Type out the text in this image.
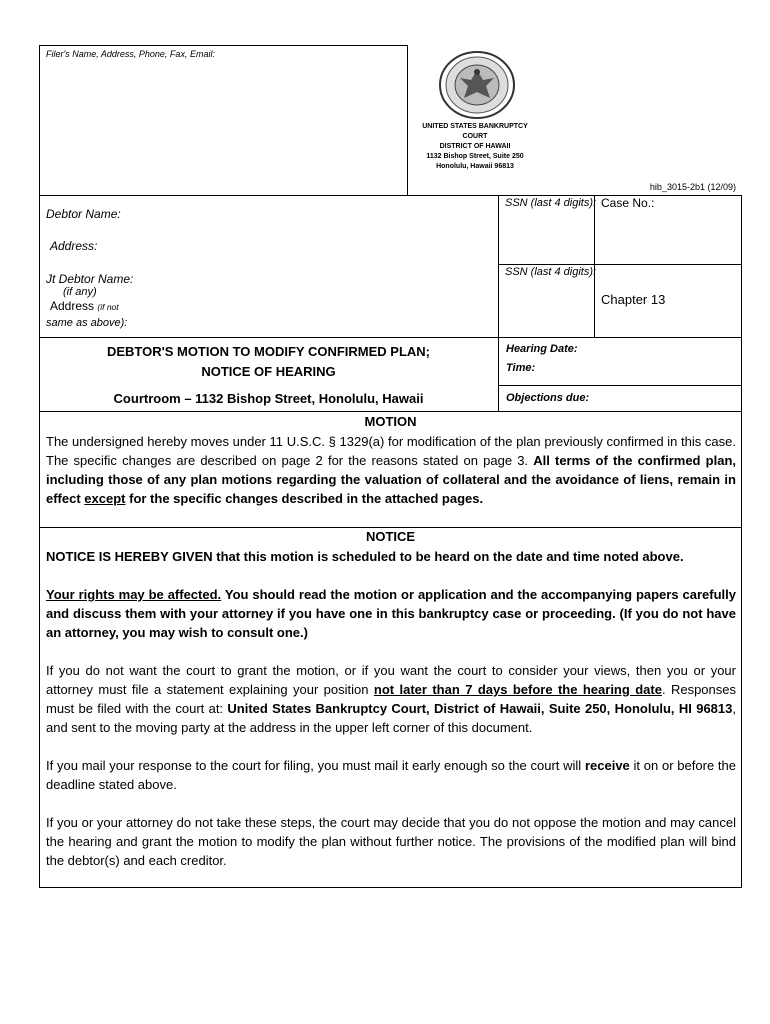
Filer's Name, Address, Phone, Fax, Email:
UNITED STATES BANKRUPTCY COURT
DISTRICT OF HAWAII
1132 Bishop Street, Suite 250
Honolulu, Hawaii 96813
hib_3015-2b1 (12/09)
Debtor Name:
Address:
SSN (last 4 digits): Case No.:
Jt Debtor Name:
(if any)
Address (if not
same as above):
SSN (last 4 digits):
Chapter 13
DEBTOR'S MOTION TO MODIFY CONFIRMED PLAN;
NOTICE OF HEARING
Courtroom – 1132 Bishop Street, Honolulu, Hawaii
Hearing Date:
Time:
Objections due:
MOTION
The undersigned hereby moves under 11 U.S.C. § 1329(a) for modification of the plan previously confirmed in this case. The specific changes are described on page 2 for the reasons stated on page 3. All terms of the confirmed plan, including those of any plan motions regarding the valuation of collateral and the avoidance of liens, remain in effect except for the specific changes described in the attached pages.
NOTICE
NOTICE IS HEREBY GIVEN that this motion is scheduled to be heard on the date and time noted above.
Your rights may be affected. You should read the motion or application and the accompanying papers carefully and discuss them with your attorney if you have one in this bankruptcy case or proceeding. (If you do not have an attorney, you may wish to consult one.)
If you do not want the court to grant the motion, or if you want the court to consider your views, then you or your attorney must file a statement explaining your position not later than 7 days before the hearing date. Responses must be filed with the court at: United States Bankruptcy Court, District of Hawaii, Suite 250, Honolulu, HI 96813, and sent to the moving party at the address in the upper left corner of this document.
If you mail your response to the court for filing, you must mail it early enough so the court will receive it on or before the deadline stated above.
If you or your attorney do not take these steps, the court may decide that you do not oppose the motion and may cancel the hearing and grant the motion to modify the plan without further notice. The provisions of the modified plan will bind the debtor(s) and each creditor.
